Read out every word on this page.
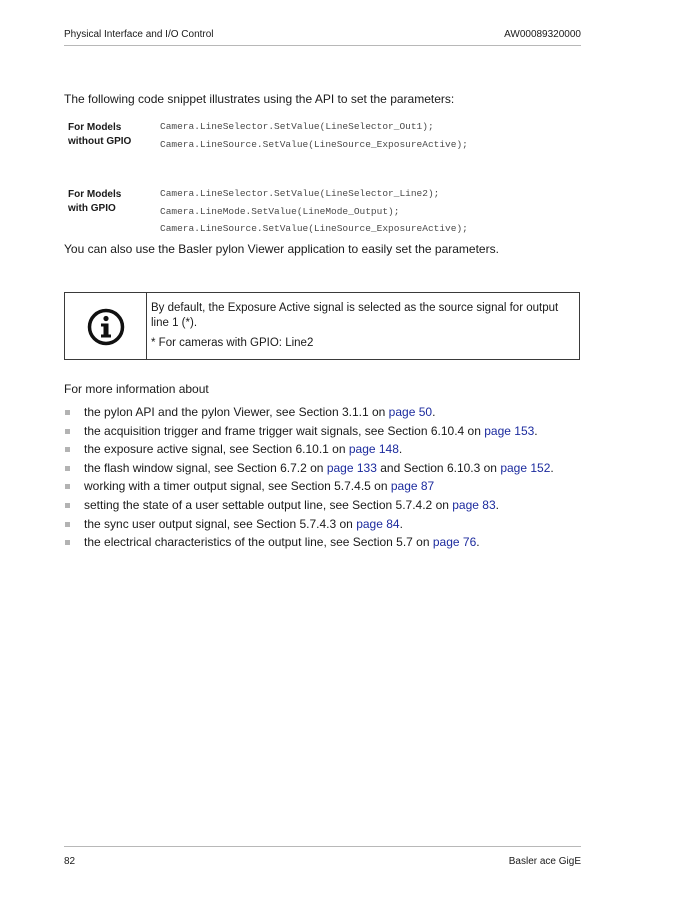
Physical Interface and I/O Control	AW00089320000
The following code snippet illustrates using the API to set the parameters:
For Models
without GPIO
Camera.LineSelector.SetValue(LineSelector_Out1);
Camera.LineSource.SetValue(LineSource_ExposureActive);
For Models
with GPIO
Camera.LineSelector.SetValue(LineSelector_Line2);
Camera.LineMode.SetValue(LineMode_Output);
Camera.LineSource.SetValue(LineSource_ExposureActive);
You can also use the Basler pylon Viewer application to easily set the parameters.

By default, the Exposure Active signal is selected as the source signal for output line 1 (*).

* For cameras with GPIO: Line2

For more information about
the pylon API and the pylon Viewer, see Section 3.1.1 on page 50.
the acquisition trigger and frame trigger wait signals, see Section 6.10.4 on page 153.
the exposure active signal, see Section 6.10.1 on page 148.
the flash window signal, see Section 6.7.2 on page 133 and Section 6.10.3 on page 152.
working with a timer output signal, see Section 5.7.4.5 on page 87
setting the state of a user settable output line, see Section 5.7.4.2 on page 83.
the sync user output signal, see Section 5.7.4.3 on page 84.
the electrical characteristics of the output line, see Section 5.7 on page 76.
82	Basler ace GigE
